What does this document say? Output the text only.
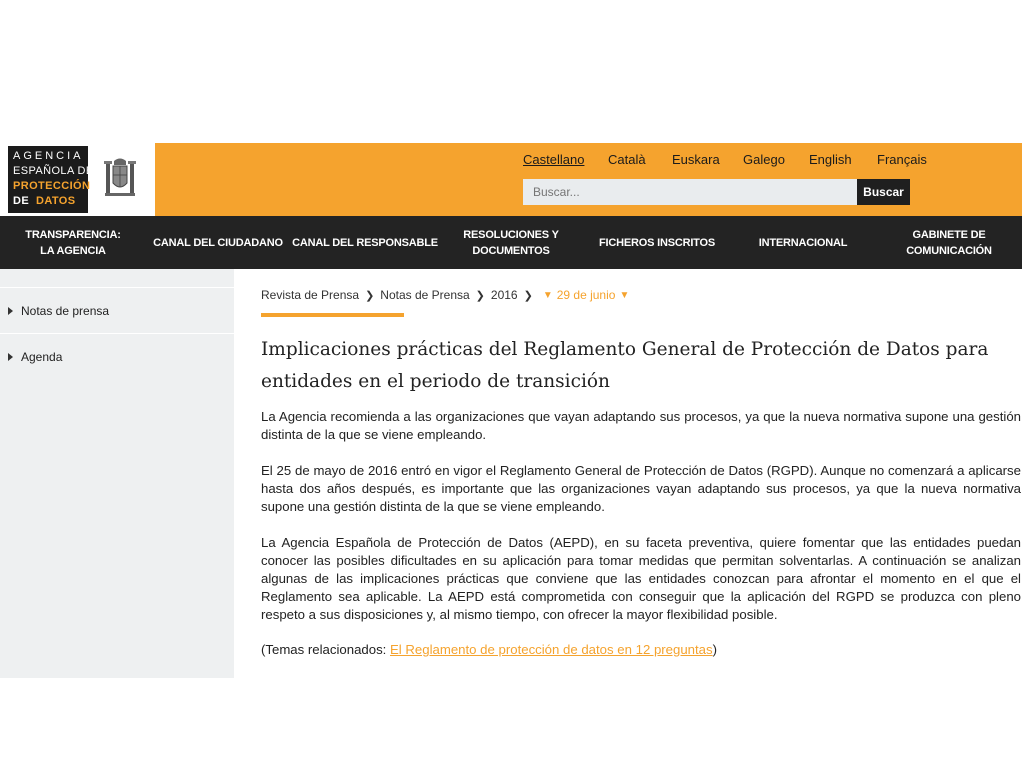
AGENCIA
ESPAÑOLA DE
PROTECCIÓN
DE DATOS
Castellano	Català	Euskara	Galego	English	Français
Buscar...
Buscar
TRANSPARENCIA:
LA AGENCIA
CANAL DEL CIUDADANO CANAL DEL RESPONSABLE
RESOLUCIONES Y
DOCUMENTOS
FICHEROS INSCRITOS	INTERNACIONAL
GABINETE DE
COMUNICACIÓN
Notas de prensa
Agenda
Revista de Prensa ❯ Notas de Prensa ❯ 2016 ❯ ▼ 29 de junio ▼
Implicaciones prácticas del Reglamento General de Protección de Datos para entidades en el periodo de transición

La Agencia recomienda a las organizaciones que vayan adaptando sus procesos, ya que la nueva normativa supone una gestión distinta de la que se viene empleando.

El 25 de mayo de 2016 entró en vigor el Reglamento General de Protección de Datos (RGPD). Aunque no comenzará a aplicarse hasta dos años después, es importante que las organizaciones vayan adaptando sus procesos, ya que la nueva normativa supone una gestión distinta de la que se viene empleando.

La Agencia Española de Protección de Datos (AEPD), en su faceta preventiva, quiere fomentar que las entidades puedan conocer las posibles dificultades en su aplicación para tomar medidas que permitan solventarlas. A continuación se analizan algunas de las implicaciones prácticas que conviene que las entidades conozcan para afrontar el momento en el que el Reglamento sea aplicable. La AEPD está comprometida con conseguir que la aplicación del RGPD se produzca con pleno respeto a sus disposiciones y, al mismo tiempo, con ofrecer la mayor flexibilidad posible.

(Temas relacionados: El Reglamento de protección de datos en 12 preguntas)
